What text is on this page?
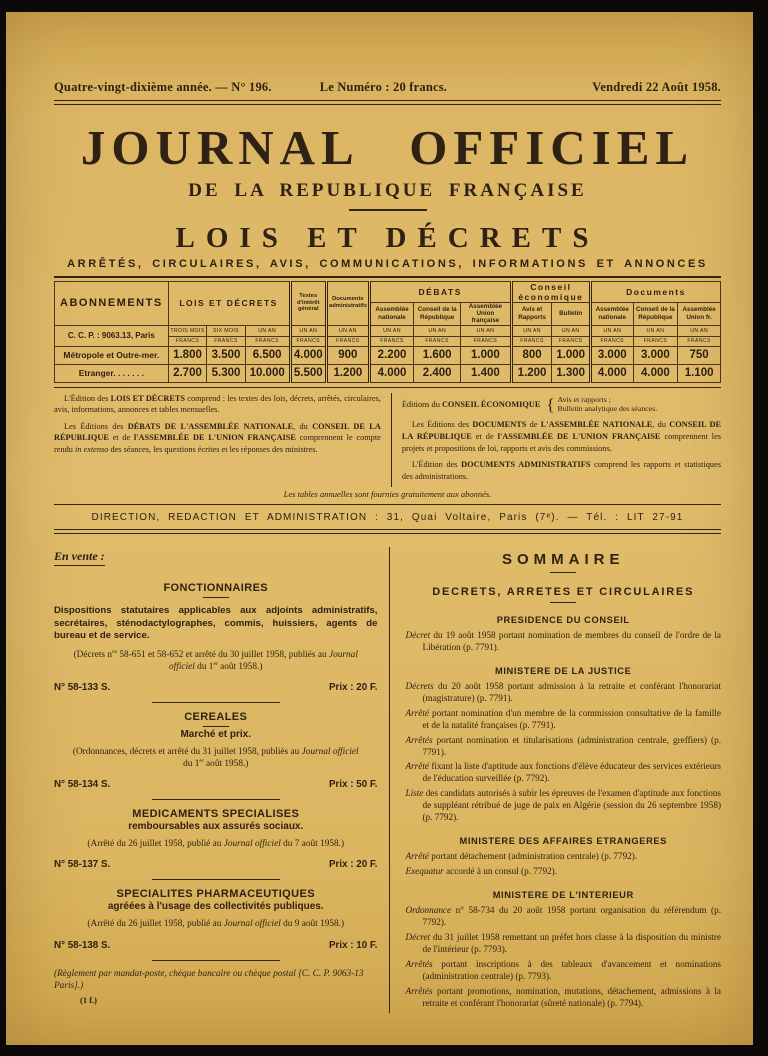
Quatre-vingt-dixième année. — N° 196.	Le Numéro : 20 francs.	Vendredi 22 Août 1958.
JOURNAL OFFICIEL
DE LA REPUBLIQUE FRANÇAISE
LOIS ET DÉCRETS
ARRÊTÉS, CIRCULAIRES, AVIS, COMMUNICATIONS, INFORMATIONS ET ANNONCES
ABONNEMENTS	LOIS ET DÉCRETS			Textes d'intérêt général	Documents administratifs	DÉBATS			Conseil économique		Documents		
						Assemblée nationale	Conseil de la République	Assemblée Union française	Avis et Rapports	Bulletin	Assemblée nationale	Conseil de la République	Assemblée Union fr.
C. C. P. : 9063.13, Paris	TROIS MOIS	SIX MOIS	UN AN	UN AN	UN AN	UN AN	UN AN	UN AN	UN AN	UN AN	UN AN	UN AN	UN AN
	FRANCS	FRANCS	FRANCS	FRANCS	FRANCS	FRANCS	FRANCS	FRANCS	FRANCS	FRANCS	FRANCS	FRANCS	FRANCS
Métropole et Outre-mer.	1.800	3.500	6.500	4.000	900	2.200	1.600	1.000	800	1.000	3.000	3.000	750
Etranger. . . . . . .	2.700	5.300	10.000	5.500	1.200	4.000	2.400	1.400	1.200	1.300	4.000	4.000	1.100

L'Édition des LOIS ET DÉCRETS comprend : les textes des lois, décrets, arrêtés, circulaires, avis, informations, annonces et tables mensuelles.

Les Éditions des DÉBATS DE L'ASSEMBLÉE NATIONALE, du CONSEIL DE LA RÉPUBLIQUE et de l'ASSEMBLÉE DE L'UNION FRANÇAISE comprennent le compte rendu in extenso des séances, les questions écrites et les réponses des ministres.

Éditions du CONSEIL ÉCONOMIQUE { Avis et rapports ;
Bulletin analytique des séances.

Les Éditions des DOCUMENTS de L'ASSEMBLÉE NATIONALE, du CONSEIL DE LA RÉPUBLIQUE et de l'ASSEMBLÉE DE L'UNION FRANÇAISE comprennent les projets et propositions de loi, rapports et avis des commissions.

L'Édition des DOCUMENTS ADMINISTRATIFS comprend les rapports et statistiques des administrations.

Les tables annuelles sont fournies gratuitement aux abonnés.
DIRECTION, REDACTION ET ADMINISTRATION : 31, Quai Voltaire, Paris (7ᵉ). — Tél. : LIT 27-91
En vente :
FONCTIONNAIRES
Dispositions statutaires applicables aux adjoints administratifs, secrétaires, sténodactylographes, commis, huissiers, agents de bureau et de service.
(Décrets $n^{os}$ 58-651 et 58-652 et arrêté du 30 juillet 1958, publiés au Journal officiel du 1er août 1958.)
N° 58-133 S.	Prix : 20 F.
CEREALES
Marché et prix.
(Ordonnances, décrets et arrêté du 31 juillet 1958, publiés au Journal officiel du 1er août 1958.)
N° 58-134 S.	Prix : 50 F.
MEDICAMENTS SPECIALISES
remboursables aux assurés sociaux.
(Arrêté du 26 juillet 1958, publié au Journal officiel du 7 août 1958.)
N° 58-137 S.	Prix : 20 F.
SPECIALITES PHARMACEUTIQUES
agréées à l'usage des collectivités publiques.
(Arrêté du 26 juillet 1958, publié au Journal officiel du 9 août 1958.)
N° 58-138 S.	Prix : 10 F.
(Règlement par mandat-poste, chèque bancaire ou chèque postal [C. C. P. 9063-13 Paris].)
(1 f.)
SOMMAIRE
DECRETS, ARRETES ET CIRCULAIRES
PRESIDENCE DU CONSEIL
Décret du 19 août 1958 portant nomination de membres du conseil de l'ordre de la Libération (p. 7791).
MINISTERE DE LA JUSTICE
Décrets du 20 août 1958 portant admission à la retraite et conférant l'honorariat (magistrature) (p. 7791).
Arrêté portant nomination d'un membre de la commission consultative de la famille et de la natalité françaises (p. 7791).
Arrêtés portant nomination et titularisations (administration centrale, greffiers) (p. 7791).
Arrêté fixant la liste d'aptitude aux fonctions d'élève éducateur des services extérieurs de l'éducation surveillée (p. 7792).
Liste des candidats autorisés à subir les épreuves de l'examen d'aptitude aux fonctions de suppléant rétribué de juge de paix en Algérie (session du 26 septembre 1958) (p. 7792).
MINISTERE DES AFFAIRES ETRANGERES
Arrêté portant détachement (administration centrale) (p. 7792).
Exequatur accordé à un consul (p. 7792).
MINISTERE DE L'INTERIEUR
Ordonnance n° 58-734 du 20 août 1958 portant organisation du référendum (p. 7792).
Décret du 31 juillet 1958 remettant un préfet hors classe à la disposition du ministre de l'intérieur (p. 7793).
Arrêtés portant inscriptions à des tableaux d'avancement et nominations (administration centrale) (p. 7793).
Arrêtés portant promotions, nomination, mutations, détachement, admissions à la retraite et conférant l'honorariat (sûreté nationale) (p. 7794).
